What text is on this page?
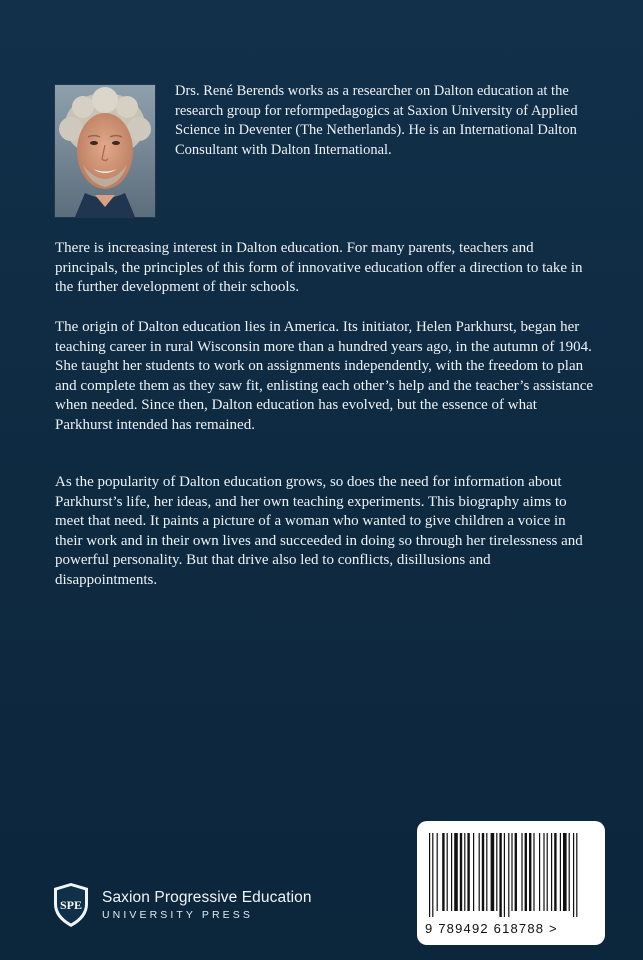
Drs. René Berends works as a researcher on Dalton education at the research group for reformpedagogics at Saxion University of Applied Science in Deventer (The Netherlands). He is an International Dalton Consultant with Dalton International.

There is increasing interest in Dalton education. For many parents, teachers and principals, the principles of this form of innovative education offer a direction to take in the further development of their schools.

The origin of Dalton education lies in America. Its initiator, Helen Parkhurst, began her teaching career in rural Wisconsin more than a hundred years ago, in the autumn of 1904. She taught her students to work on assignments independently, with the freedom to plan and complete them as they saw fit, enlisting each other’s help and the teacher’s assistance when needed. Since then, Dalton education has evolved, but the essence of what Parkhurst intended has remained.

As the popularity of Dalton education grows, so does the need for information about Parkhurst’s life, her ideas, and her own teaching experiments. This biography aims to meet that need. It paints a picture of a woman who wanted to give children a voice in their work and in their own lives and succeeded in doing so through her tirelessness and powerful personality. But that drive also led to conflicts, disillusions and disappointments.

SPE Saxion Progressive Education
UNIVERSITY PRESS
9 789492 618788 >
